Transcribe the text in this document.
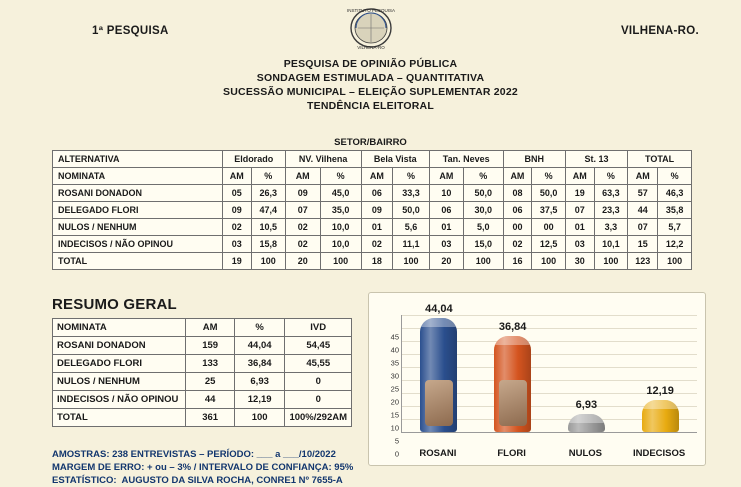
1ª PESQUISA	VILHENA-RO.
INSTITUTO PESQUISA
VILHENA-RO
PESQUISA DE OPINIÃO PÚBLICA
SONDAGEM ESTIMULADA – QUANTITATIVA
SUCESSÃO MUNICIPAL – ELEIÇÃO SUPLEMENTAR 2022
TENDÊNCIA ELEITORAL
SETOR/BAIRRO
ALTERNATIVA	Eldorado		NV. Vilhena		Bela Vista		Tan. Neves		BNH		St. 13		TOTAL	
NOMINATA	AM	%	AM	%	AM	%	AM	%	AM	%	AM	%	AM	%
ROSANI DONADON	05	26,3	09	45,0	06	33,3	10	50,0	08	50,0	19	63,3	57	46,3
DELEGADO FLORI	09	47,4	07	35,0	09	50,0	06	30,0	06	37,5	07	23,3	44	35,8
NULOS / NENHUM	02	10,5	02	10,0	01	5,6	01	5,0	00	00	01	3,3	07	5,7
INDECISOS / NÃO OPINOU	03	15,8	02	10,0	02	11,1	03	15,0	02	12,5	03	10,1	15	12,2
TOTAL	19	100	20	100	18	100	20	100	16	100	30	100	123	100
RESUMO GERAL
NOMINATA	AM	%	IVD
ROSANI DONADON	159	44,04	54,45
DELEGADO FLORI	133	36,84	45,55
NULOS / NENHUM	25	6,93	0
INDECISOS / NÃO OPINOU	44	12,19	0
TOTAL	361	100	100%/292AM
AMOSTRAS: 238 ENTREVISTAS – PERÍODO: ___ a ___/10/2022
MARGEM DE ERRO: + ou – 3% / INTERVALO DE CONFIANÇA: 95%
ESTATÍSTICO:  AUGUSTO DA SILVA ROCHA, CONRE1 Nº 7655-A
0
5
10
15
20
25
30
35
40
45
44,04
36,84
6,93
12,19
ROSANI	FLORI	NULOS	INDECISOS
